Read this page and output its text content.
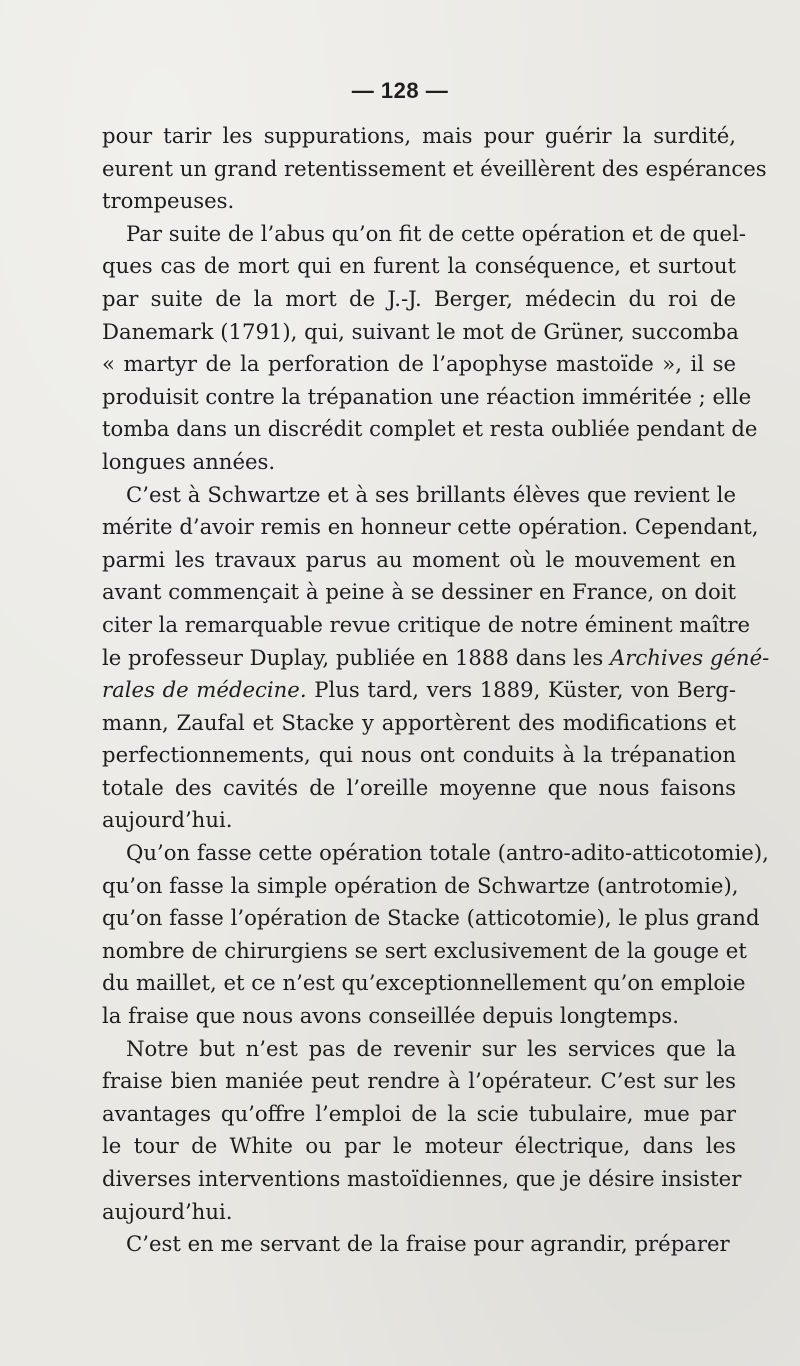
— 128 —
pour tarir les suppurations, mais pour guérir la surdité,
eurent un grand retentissement et éveillèrent des espérances
trompeuses.
Par suite de l’abus qu’on fit de cette opération et de quel-
ques cas de mort qui en furent la conséquence, et surtout
par suite de la mort de J.-J. Berger, médecin du roi de
Danemark (1791), qui, suivant le mot de Grüner, succomba
« martyr de la perforation de l’apophyse mastoïde », il se
produisit contre la trépanation une réaction imméritée ; elle
tomba dans un discrédit complet et resta oubliée pendant de
longues années.
C’est à Schwartze et à ses brillants élèves que revient le
mérite d’avoir remis en honneur cette opération. Cependant,
parmi les travaux parus au moment où le mouvement en
avant commençait à peine à se dessiner en France, on doit
citer la remarquable revue critique de notre éminent maître
le professeur Duplay, publiée en 1888 dans les Archives géné-
rales de médecine. Plus tard, vers 1889, Küster, von Berg-
mann, Zaufal et Stacke y apportèrent des modifications et
perfectionnements, qui nous ont conduits à la trépanation
totale des cavités de l’oreille moyenne que nous faisons
aujourd’hui.
Qu’on fasse cette opération totale (antro-adito-atticotomie),
qu’on fasse la simple opération de Schwartze (antrotomie),
qu’on fasse l’opération de Stacke (atticotomie), le plus grand
nombre de chirurgiens se sert exclusivement de la gouge et
du maillet, et ce n’est qu’exceptionnellement qu’on emploie
la fraise que nous avons conseillée depuis longtemps.
Notre but n’est pas de revenir sur les services que la
fraise bien maniée peut rendre à l’opérateur. C’est sur les
avantages qu’offre l’emploi de la scie tubulaire, mue par
le tour de White ou par le moteur électrique, dans les
diverses interventions mastoïdiennes, que je désire insister
aujourd’hui.
C’est en me servant de la fraise pour agrandir, préparer
